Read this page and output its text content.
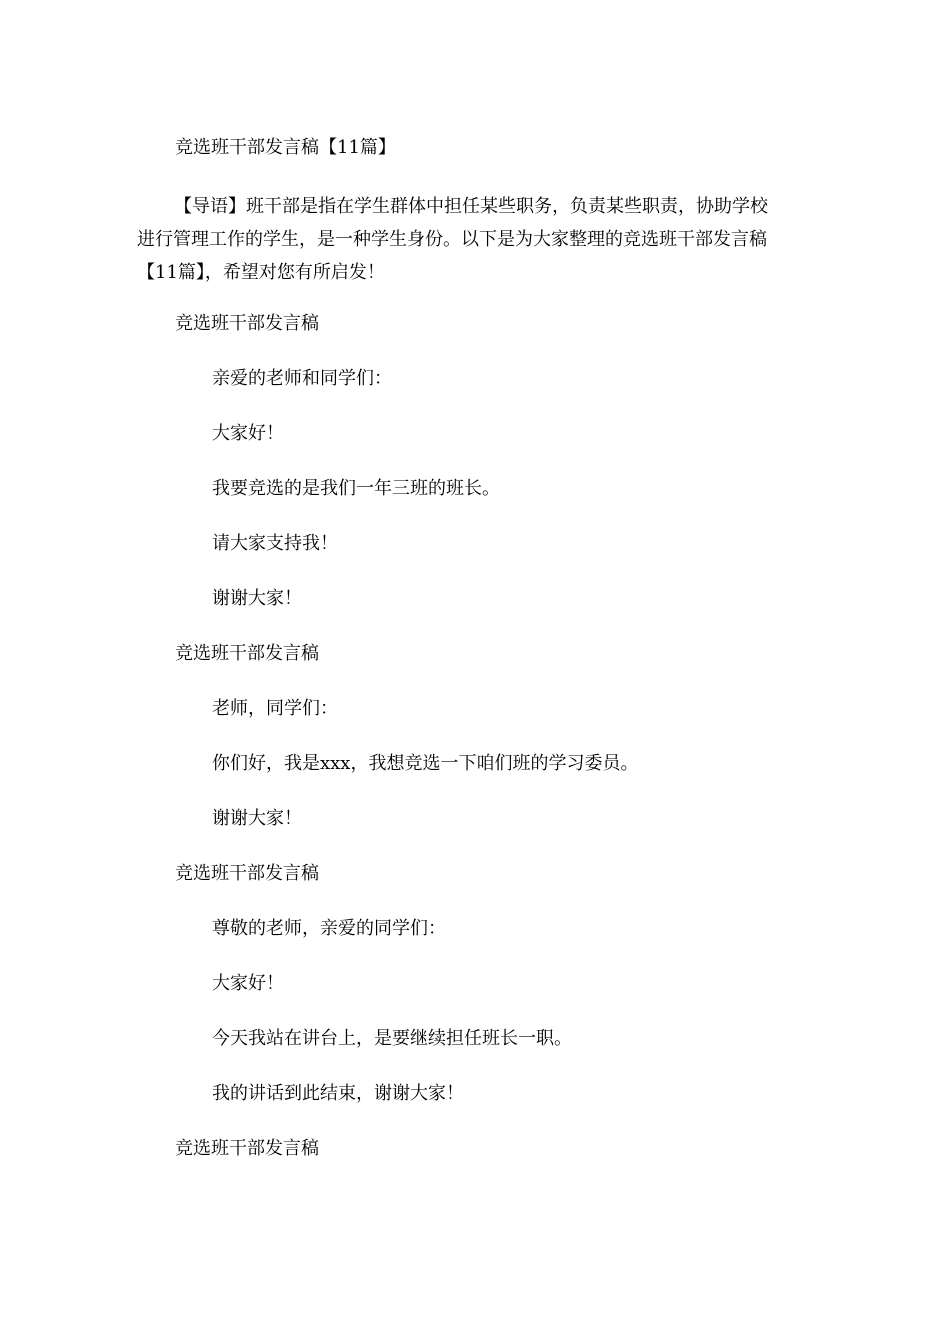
竞选班干部发言稿【11篇】
【导语】班干部是指在学生群体中担任某些职务，负责某些职责，协助学校
进行管理工作的学生，是一种学生身份。以下是为大家整理的竞选班干部发言稿
【11篇】，希望对您有所启发！
竞选班干部发言稿
亲爱的老师和同学们：
大家好！
我要竞选的是我们一年三班的班长。
请大家支持我！
谢谢大家！
竞选班干部发言稿
老师，同学们：
你们好，我是xxx，我想竞选一下咱们班的学习委员。
谢谢大家！
竞选班干部发言稿
尊敬的老师，亲爱的同学们：
大家好！
今天我站在讲台上，是要继续担任班长一职。
我的讲话到此结束，谢谢大家！
竞选班干部发言稿
